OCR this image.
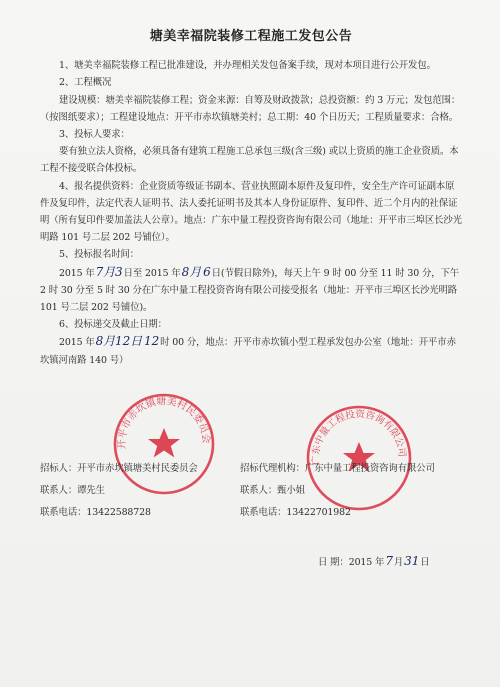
塘美幸福院装修工程施工发包公告

1、塘美幸福院装修工程已批准建设，并办理相关发包备案手续，现对本项目进行公开发包。

2、工程概况

建设规模：塘美幸福院装修工程；资金来源：自筹及财政拨款；总投资额：约 3 万元；发包范围：（按图纸要求）；工程建设地点：开平市赤坎镇塘美村；总工期：40 个日历天；工程质量要求：合格。

3、投标人要求：

要有独立法人资格，必须具备有建筑工程施工总承包三级(含三级) 或以上资质的施工企业资质。本工程不接受联合体投标。

4、报名提供资料：企业资质等级证书副本、营业执照副本原件及复印件，安全生产许可证副本原件及复印件，法定代表人证明书、法人委托证明书及其本人身份证原件、复印件、近二个月内的社保证明（所有复印件要加盖法人公章）。地点：广东中量工程投资咨询有限公司（地址：开平市三埠区长沙光明路 101 号二层 202 号铺位）。

5、投标报名时间：

2015 年7月3日至 2015 年8月 6日(节假日除外)，每天上午 9 时 00 分至 11 时 30 分，下午 2 时 30 分至 5 时 30 分在广东中量工程投资咨询有限公司接受报名（地址：开平市三埠区长沙光明路 101 号二层 202 号铺位)。

6、投标递交及截止日期：

2015 年8月12日 12时 00 分，地点：开平市赤坎镇小型工程承发包办公室（地址：开平市赤坎镇河南路 140 号）

开平市赤坎镇塘美村民委员会
广东中量工程投资咨询有限公司
招标人：开平市赤坎镇塘美村民委员会	招标代理机构：广东中量工程投资咨询有限公司
联系人：谭先生	联系人：甄小姐
联系电话：13422588728	联系电话：13422701982
日 期：2015 年7月31日
